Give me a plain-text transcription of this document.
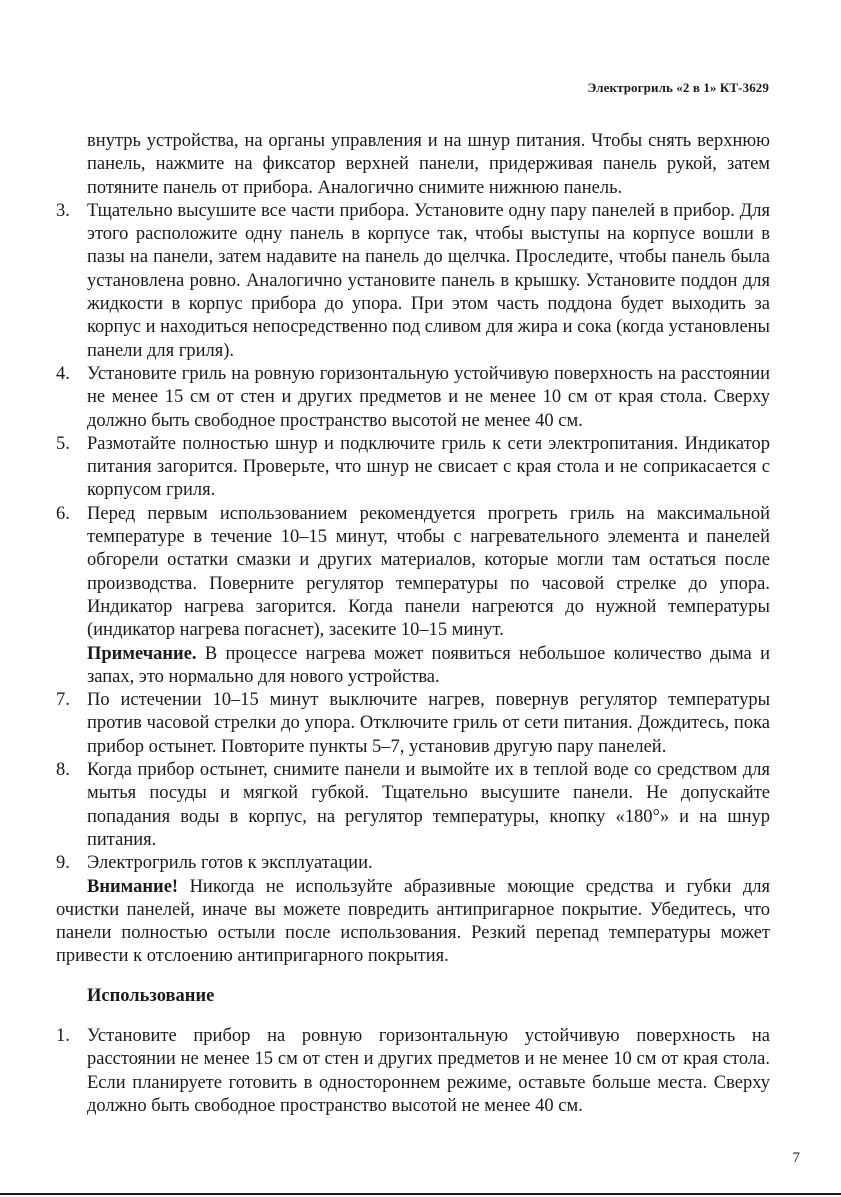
Электрогриль «2 в 1» КТ-3629
внутрь устройства, на органы управления и на шнур питания. Чтобы снять верхнюю панель, нажмите на фиксатор верхней панели, придерживая панель рукой, затем потяните панель от прибора. Аналогично снимите нижнюю панель.
3. Тщательно высушите все части прибора. Установите одну пару панелей в прибор. Для этого расположите одну панель в корпусе так, чтобы выступы на корпусе вошли в пазы на панели, затем надавите на панель до щелчка. Проследите, чтобы панель была установлена ровно. Аналогично установите панель в крышку. Установите поддон для жидкости в корпус прибора до упора. При этом часть поддона будет выходить за корпус и находиться непосредственно под сливом для жира и сока (когда установлены панели для гриля).
4. Установите гриль на ровную горизонтальную устойчивую поверхность на расстоянии не менее 15 см от стен и других предметов и не менее 10 см от края стола. Сверху должно быть свободное пространство высотой не менее 40 см.
5. Размотайте полностью шнур и подключите гриль к сети электропитания. Индикатор питания загорится. Проверьте, что шнур не свисает с края стола и не соприкасается с корпусом гриля.
6. Перед первым использованием рекомендуется прогреть гриль на максимальной температуре в течение 10–15 минут, чтобы с нагревательного элемента и панелей обгорели остатки смазки и других материалов, которые могли там остаться после производства. Поверните регулятор температуры по часовой стрелке до упора. Индикатор нагрева загорится. Когда панели нагреются до нужной температуры (индикатор нагрева погаснет), засеките 10–15 минут.
Примечание. В процессе нагрева может появиться небольшое количество дыма и запах, это нормально для нового устройства.
7. По истечении 10–15 минут выключите нагрев, повернув регулятор температуры против часовой стрелки до упора. Отключите гриль от сети питания. Дождитесь, пока прибор остынет. Повторите пункты 5–7, установив другую пару панелей.
8. Когда прибор остынет, снимите панели и вымойте их в теплой воде со средством для мытья посуды и мягкой губкой. Тщательно высушите панели. Не допускайте попадания воды в корпус, на регулятор температуры, кнопку «180°» и на шнур питания.
9. Электрогриль готов к эксплуатации.
Внимание! Никогда не используйте абразивные моющие средства и губки для очистки панелей, иначе вы можете повредить антипригарное покрытие. Убедитесь, что панели полностью остыли после использования. Резкий перепад температуры может привести к отслоению антипригарного покрытия.
Использование
1. Установите прибор на ровную горизонтальную устойчивую поверхность на расстоянии не менее 15 см от стен и других предметов и не менее 10 см от края стола. Если планируете готовить в одностороннем режиме, оставьте больше места. Сверху должно быть свободное пространство высотой не менее 40 см.
7
